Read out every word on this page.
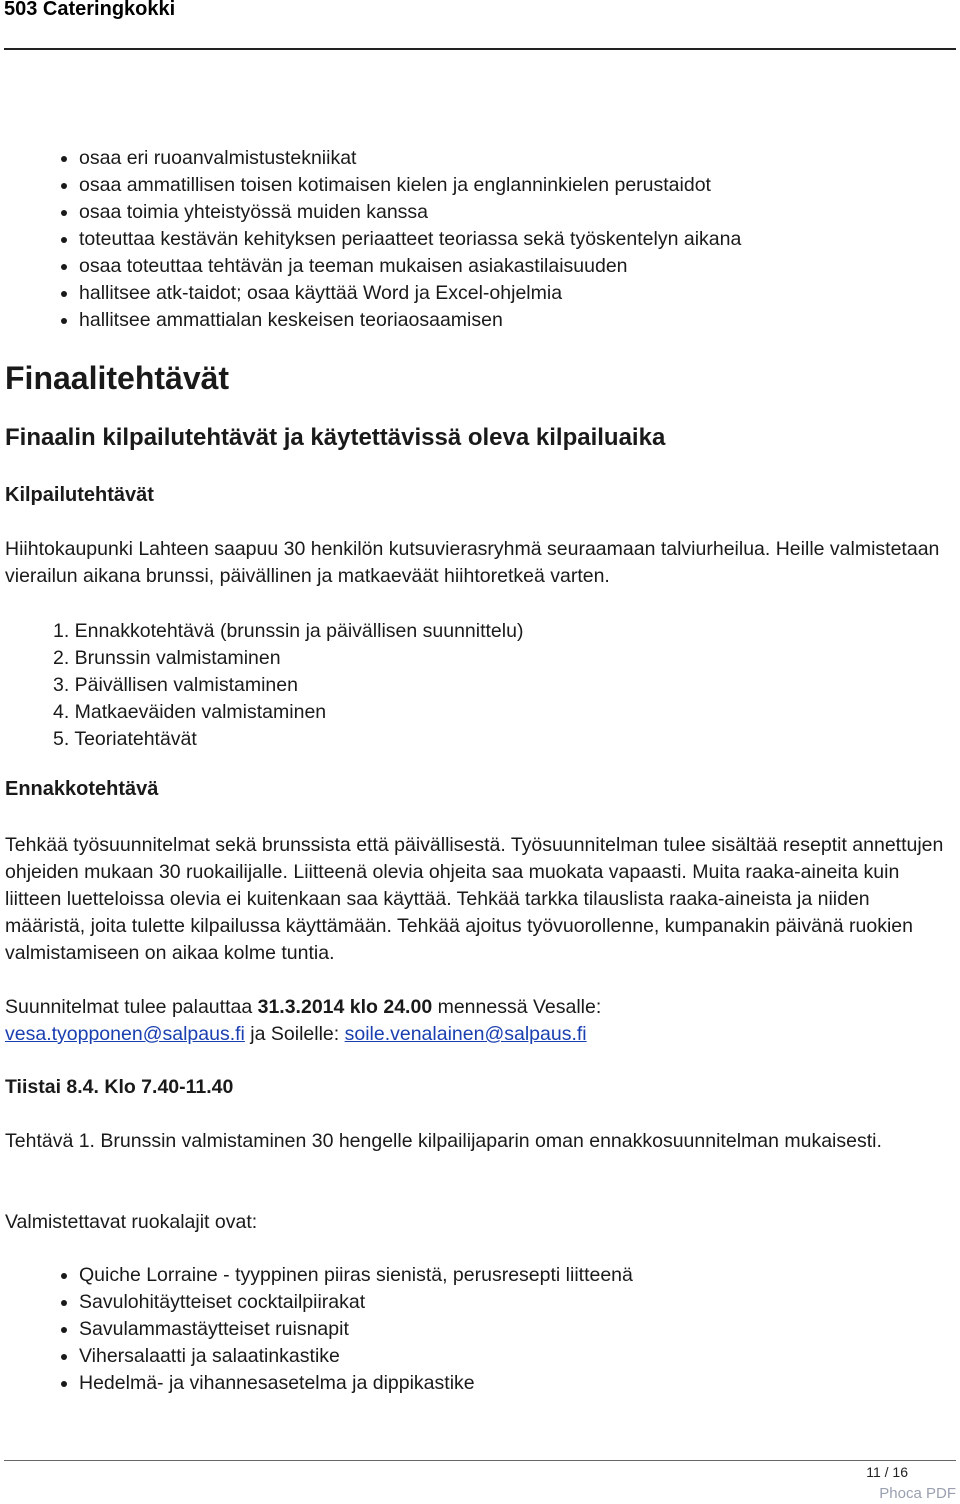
503 Cateringkokki
• osaa eri ruoanvalmistustekniikat
• osaa ammatillisen toisen kotimaisen kielen ja englanninkielen perustaidot
• osaa toimia yhteistyössä muiden kanssa
• toteuttaa kestävän kehityksen periaatteet teoriassa sekä työskentelyn aikana
• osaa toteuttaa tehtävän ja teeman mukaisen asiakastilaisuuden
• hallitsee atk-taidot; osaa käyttää Word ja Excel-ohjelmia
• hallitsee ammattialan keskeisen teoriaosaamisen
Finaalitehtävät
Finaalin kilpailutehtävät ja käytettävissä oleva kilpailuaika
Kilpailutehtävät

Hiihtokaupunki Lahteen saapuu 30 henkilön kutsuvierasryhmä seuraamaan talviurheilua. Heille valmistetaan vierailun aikana brunssi, päivällinen ja matkaeväät hiihtoretkeä varten.

1. Ennakkotehtävä (brunssin ja päivällisen suunnittelu)
2. Brunssin valmistaminen
3. Päivällisen valmistaminen
4. Matkaeväiden valmistaminen
5. Teoriatehtävät
Ennakkotehtävä

Tehkää työsuunnitelmat sekä brunssista että päivällisestä. Työsuunnitelman tulee sisältää reseptit annettujen ohjeiden mukaan 30 ruokailijalle. Liitteenä olevia ohjeita saa muokata vapaasti. Muita raaka-aineita kuin liitteen luetteloissa olevia ei kuitenkaan saa käyttää. Tehkää tarkka tilauslista raaka-aineista ja niiden määristä, joita tulette kilpailussa käyttämään. Tehkää ajoitus työvuorollenne, kumpanakin päivänä ruokien valmistamiseen on aikaa kolme tuntia.

Suunnitelmat tulee palauttaa 31.3.2014 klo 24.00 mennessä Vesalle:
vesa.tyopponen@salpaus.fi ja Soilelle: soile.venalainen@salpaus.fi

Tiistai 8.4. Klo 7.40-11.40

Tehtävä 1. Brunssin valmistaminen 30 hengelle kilpailijaparin oman ennakkosuunnitelman mukaisesti.

Valmistettavat ruokalajit ovat:

• Quiche Lorraine - tyyppinen piiras sienistä, perusresepti liitteenä
• Savulohitäytteiset cocktailpiirakat
• Savulammastäytteiset ruisnapit
• Vihersalaatti ja salaatinkastike
• Hedelmä- ja vihannesasetelma ja dippikastike
11 / 16
Phoca PDF
